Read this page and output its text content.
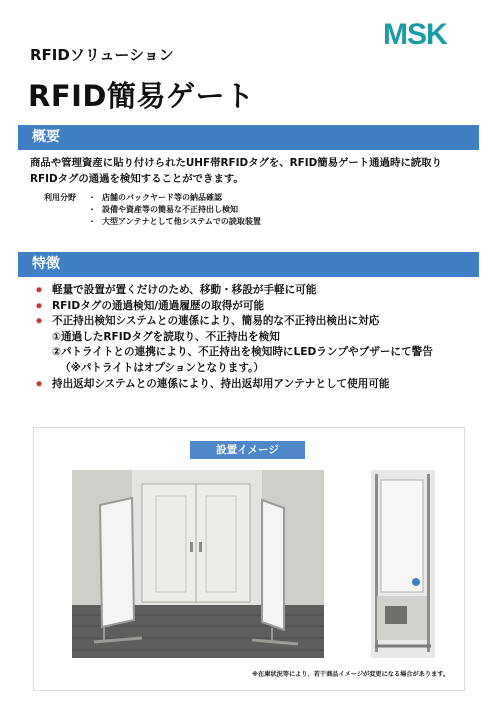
MSK
RFIDソリューション
RFID簡易ゲート
概要
商品や管理資産に貼り付けられたUHF帯RFIDタグを、RFID簡易ゲート通過時に読取り
RFIDタグの通過を検知することができます。
利用分野
・	店舗のバックヤード等の納品確認
・ 設備や資産等の簡易な不正持出し検知
・ 大型アンテナとして他システムでの読取装置
特徴
✸ 軽量で設置が置くだけのため、移動・移設が手軽に可能
✸ RFIDタグの通過検知/通過履歴の取得が可能
✸ 不正持出検知システムとの連係により、簡易的な不正持出検出に対応
①通過したRFIDタグを読取り、不正持出を検知
②パトライトとの連携により、不正持出を検知時にLEDランプやブザーにて警告
（※パトライトはオプションとなります。）
✸ 持出返却システムとの連係により、持出返却用アンテナとして使用可能
設置イメージ
※在庫状況等により、若干商品イメージが変更になる場合があります。
